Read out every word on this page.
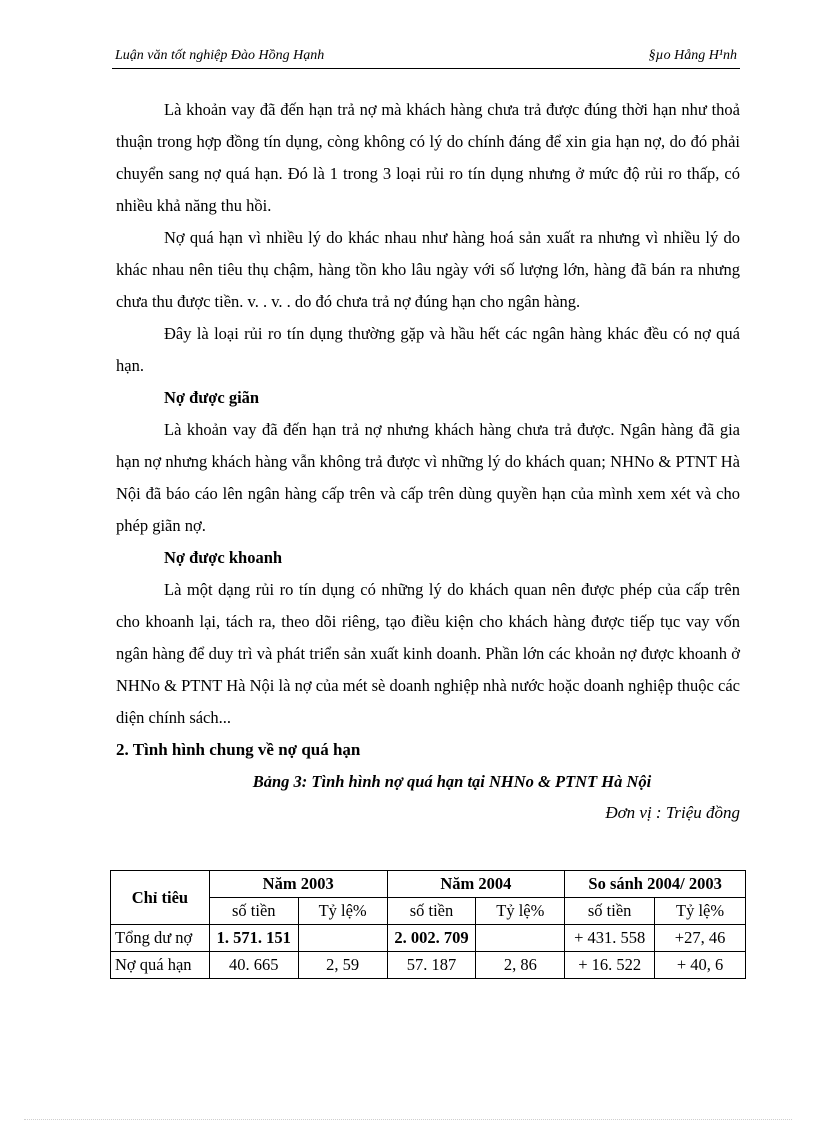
Luận văn tốt nghiệp Đào Hồng Hạnh	§µo Hång H¹nh

Là khoản vay đã đến hạn trả nợ mà khách hàng chưa trả được đúng thời hạn như thoả thuận trong hợp đồng tín dụng, còng không có lý do chính đáng để xin gia hạn nợ, do đó phải chuyển sang nợ quá hạn. Đó là 1 trong 3 loại rủi ro tín dụng nhưng ở mức độ rủi ro thấp, có nhiều khả năng thu hồi.

Nợ quá hạn vì nhiều lý do khác nhau như hàng hoá sản xuất ra nhưng vì nhiều lý do khác nhau nên tiêu thụ chậm, hàng tồn kho lâu ngày với số lượng lớn, hàng đã bán ra nhưng chưa thu được tiền. v. . v. . do đó chưa trả nợ đúng hạn cho ngân hàng.

Đây là loại rủi ro tín dụng thường gặp và hầu hết các ngân hàng khác đều có nợ quá hạn.

Nợ được giãn

Là khoản vay đã đến hạn trả nợ nhưng khách hàng chưa trả được. Ngân hàng đã gia hạn nợ nhưng khách hàng vẫn không trả được vì những lý do khách quan; NHNo & PTNT Hà Nội đã báo cáo lên ngân hàng cấp trên và cấp trên dùng quyền hạn của mình xem xét và cho phép giãn nợ.

Nợ được khoanh

Là một dạng rủi ro tín dụng có những lý do khách quan nên được phép của cấp trên cho khoanh lại, tách ra, theo dõi riêng, tạo điều kiện cho khách hàng được tiếp tục vay vốn ngân hàng để duy trì và phát triển sản xuất kinh doanh. Phần lớn các khoản nợ được khoanh ở NHNo & PTNT Hà Nội là nợ của mét sè doanh nghiệp nhà nước hoặc doanh nghiệp thuộc các diện chính sách...

2. Tình hình chung về nợ quá hạn

Bảng 3: Tình hình nợ quá hạn tại NHNo & PTNT Hà Nội

Đơn vị : Triệu đồng

Chỉ tiêu	Năm 2003		Năm 2004		So sánh 2004/ 2003	
	số tiền	Tỷ lệ%	số tiền	Tỷ lệ%	số tiền	Tỷ lệ%
Tổng dư nợ	1. 571. 151		2. 002. 709		+ 431. 558	+27, 46
Nợ quá hạn	40. 665	2, 59	57. 187	2, 86	+ 16. 522	+ 40, 6
